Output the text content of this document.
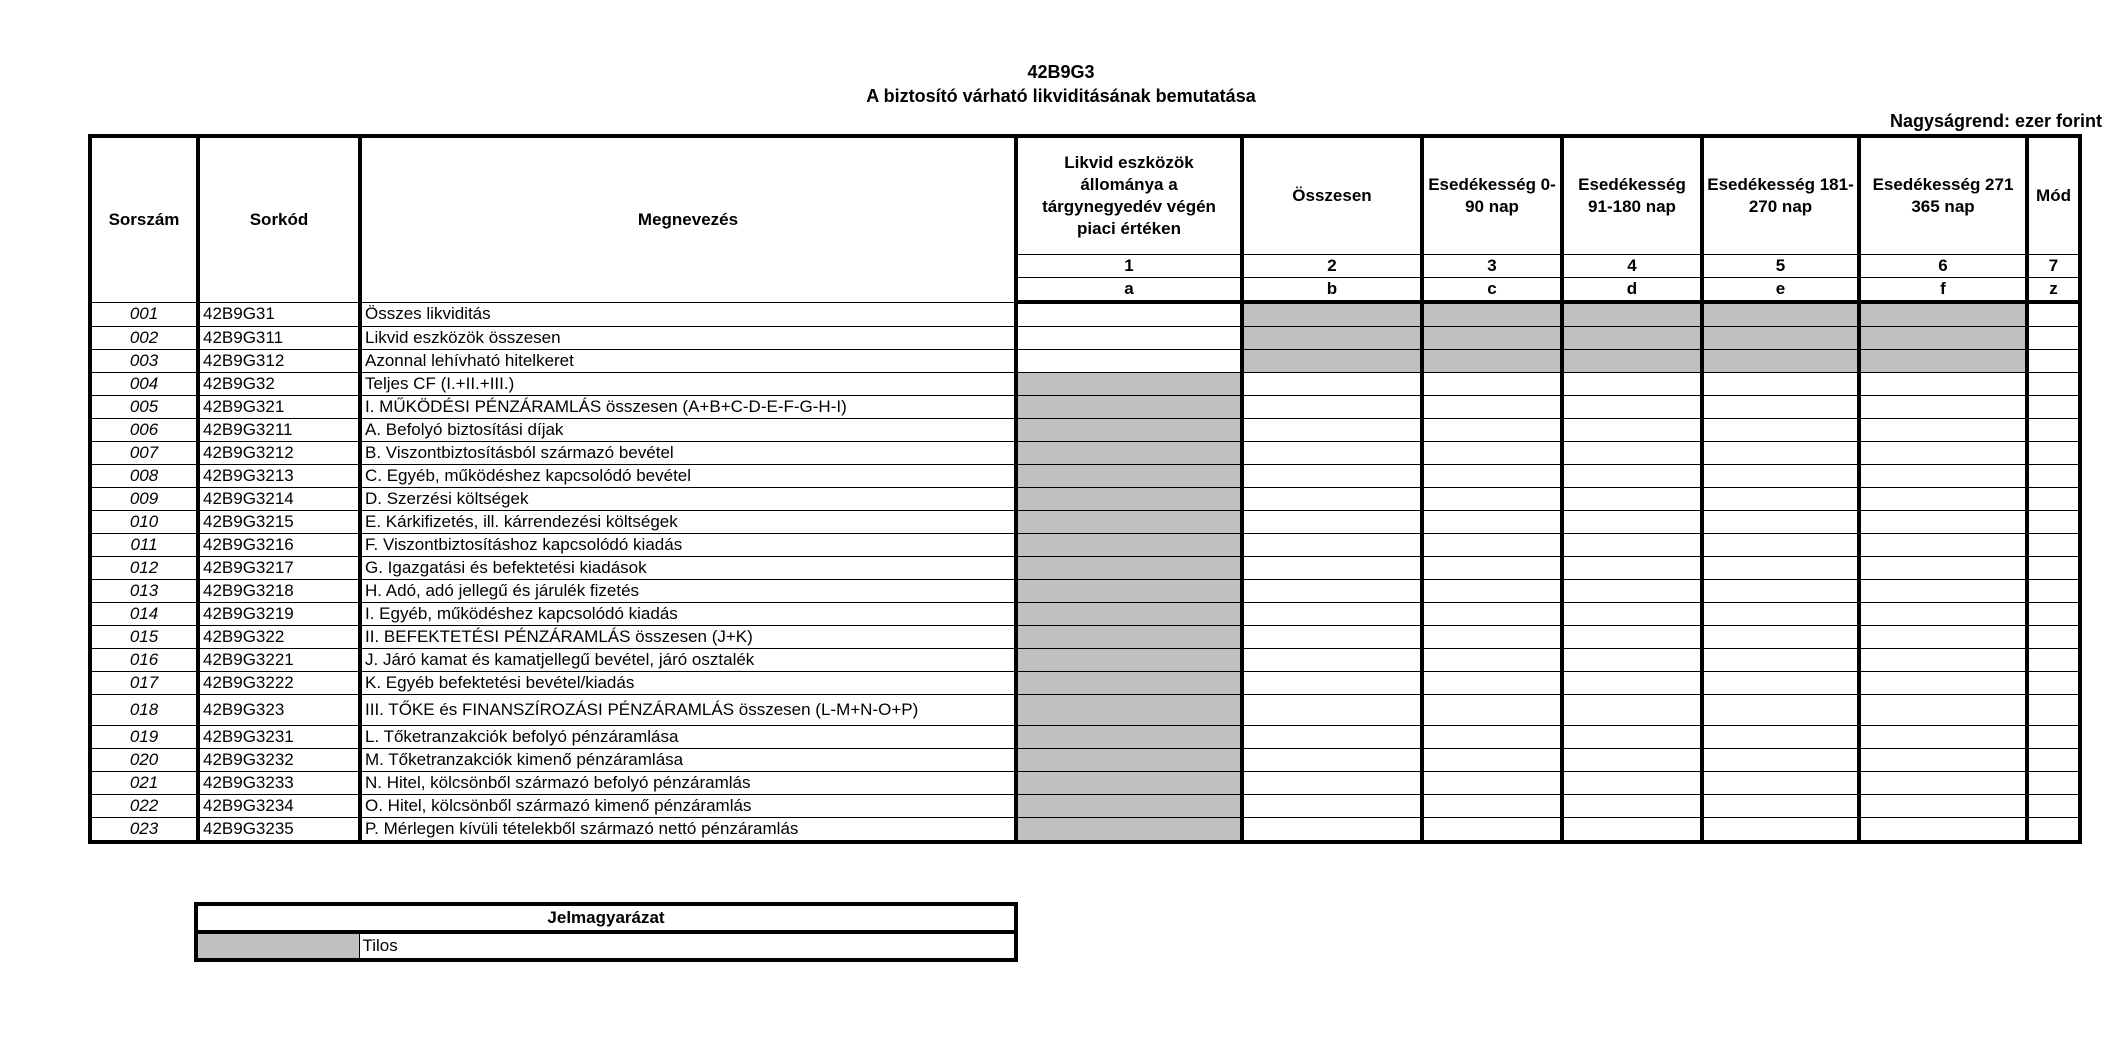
42B9G3
A biztosító várható likviditásának bemutatása
Nagyságrend: ezer forint
Sorszám	Sorkód	Megnevezés	Likvid eszközök állománya a tárgynegyedév végén piaci értéken	Összesen	Esedékesség 0-90 nap	Esedékesség 91-180 nap	Esedékesség 181-270 nap	Esedékesség 271 365 nap	Mód
			1	2	3	4	5	6	7
			a	b	c	d	e	f	z
001	42B9G31	Összes likviditás							
002	42B9G311	Likvid eszközök összesen							
003	42B9G312	Azonnal lehívható hitelkeret							
004	42B9G32	Teljes CF (I.+II.+III.)							
005	42B9G321	I. MŰKÖDÉSI PÉNZÁRAMLÁS összesen (A+B+C-D-E-F-G-H-I)							
006	42B9G3211	A. Befolyó biztosítási díjak							
007	42B9G3212	B. Viszontbiztosításból származó bevétel							
008	42B9G3213	C. Egyéb, működéshez kapcsolódó bevétel							
009	42B9G3214	D. Szerzési költségek							
010	42B9G3215	E. Kárkifizetés, ill. kárrendezési költségek							
011	42B9G3216	F. Viszontbiztosításhoz kapcsolódó kiadás							
012	42B9G3217	G. Igazgatási és befektetési kiadások							
013	42B9G3218	H. Adó, adó jellegű és járulék fizetés							
014	42B9G3219	I. Egyéb, működéshez kapcsolódó kiadás							
015	42B9G322	II. BEFEKTETÉSI PÉNZÁRAMLÁS összesen (J+K)							
016	42B9G3221	J. Járó kamat és kamatjellegű bevétel, járó osztalék							
017	42B9G3222	K. Egyéb befektetési bevétel/kiadás							
018	42B9G323	III. TŐKE és FINANSZÍROZÁSI PÉNZÁRAMLÁS összesen (L-M+N-O+P)							
019	42B9G3231	L. Tőketranzakciók befolyó pénzáramlása							
020	42B9G3232	M. Tőketranzakciók kimenő pénzáramlása							
021	42B9G3233	N. Hitel, kölcsönből származó befolyó pénzáramlás							
022	42B9G3234	O. Hitel, kölcsönből származó kimenő pénzáramlás							
023	42B9G3235	P. Mérlegen kívüli tételekből származó nettó pénzáramlás							
Jelmagyarázat
	Tilos
